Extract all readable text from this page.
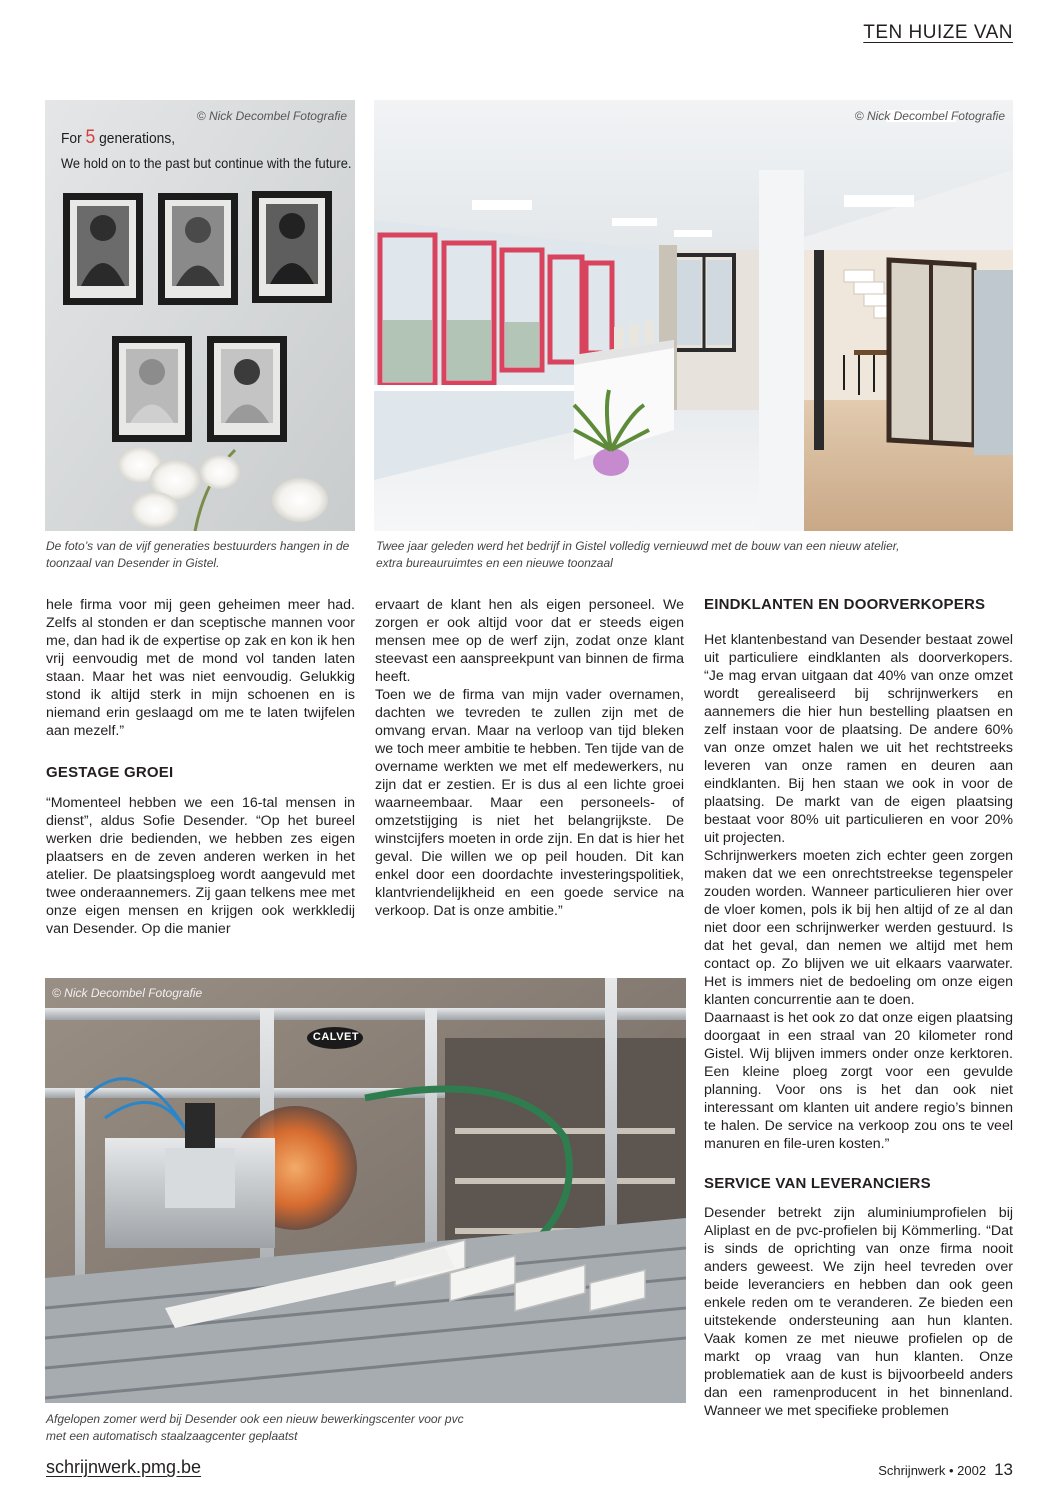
TEN HUIZE VAN
© Nick Decombel Fotografie
For 5 generations,
We hold on to the past but continue with the future.
De foto’s van de vijf generaties bestuurders hangen in de toonzaal van Desender in Gistel.
© Nick Decombel Fotografie
Twee jaar geleden werd het bedrijf in Gistel volledig vernieuwd met de bouw van een nieuw atelier,
extra bureauruimtes en een nieuwe toonzaal

hele firma voor mij geen geheimen meer had. Zelfs al stonden er dan sceptische mannen voor me, dan had ik de expertise op zak en kon ik hen vrij eenvoudig met de mond vol tanden laten staan. Maar het was niet eenvoudig. Gelukkig stond ik altijd sterk in mijn schoenen en is niemand erin geslaagd om me te laten twijfelen aan mezelf.”

GESTAGE GROEI

“Momenteel hebben we een 16-tal mensen in dienst”, aldus Sofie Desender. “Op het bureel werken drie bedienden, we hebben zes eigen plaatsers en de zeven anderen werken in het atelier. De plaatsingsploeg wordt aangevuld met twee onderaannemers. Zij gaan telkens mee met onze eigen mensen en krijgen ook werkkledij van Desender. Op die manier

ervaart de klant hen als eigen personeel. We zorgen er ook altijd voor dat er steeds eigen mensen mee op de werf zijn, zodat onze klant steevast een aanspreekpunt van binnen de firma heeft.

Toen we de firma van mijn vader overnamen, dachten we tevreden te zullen zijn met de omvang ervan. Maar na verloop van tijd bleken we toch meer ambitie te hebben. Ten tijde van de overname werkten we met elf medewerkers, nu zijn dat er zestien. Er is dus al een lichte groei waarneembaar. Maar een personeels- of omzetstijging is niet het belangrijkste. De winstcijfers moeten in orde zijn. En dat is hier het geval. Die willen we op peil houden. Dit kan enkel door een doordachte investeringspolitiek, klantvriendelijkheid en een goede service na verkoop. Dat is onze ambitie.”

EINDKLANTEN EN DOORVERKOPERS

Het klantenbestand van Desender bestaat zowel uit particuliere eindklanten als doorverkopers. “Je mag ervan uitgaan dat 40% van onze omzet wordt gerealiseerd bij schrijnwerkers en aannemers die hier hun bestelling plaatsen en zelf instaan voor de plaatsing. De andere 60% van onze omzet halen we uit het rechtstreeks leveren van onze ramen en deuren aan eindklanten. Bij hen staan we ook in voor de plaatsing. De markt van de eigen plaatsing bestaat voor 80% uit particulieren en voor 20% uit projecten.

Schrijnwerkers moeten zich echter geen zorgen maken dat we een onrechtstreekse tegenspeler zouden worden. Wanneer particulieren hier over de vloer komen, pols ik bij hen altijd of ze al dan niet door een schrijnwerker werden gestuurd. Is dat het geval, dan nemen we altijd met hem contact op. Zo blijven we uit elkaars vaarwater. Het is immers niet de bedoeling om onze eigen klanten concurrentie aan te doen.

Daarnaast is het ook zo dat onze eigen plaatsing doorgaat in een straal van 20 kilometer rond Gistel. Wij blijven immers onder onze kerktoren. Een kleine ploeg zorgt voor een gevulde planning. Voor ons is het dan ook niet interessant om klanten uit andere regio’s binnen te halen. De service na verkoop zou ons te veel manuren en file-uren kosten.”

SERVICE VAN LEVERANCIERS

Desender betrekt zijn aluminiumprofielen bij Aliplast en de pvc-profielen bij Kömmerling. “Dat is sinds de oprichting van onze firma nooit anders geweest. We zijn heel tevreden over beide leveranciers en hebben dan ook geen enkele reden om te veranderen. Ze bieden een uitstekende ondersteuning aan hun klanten. Vaak komen ze met nieuwe profielen op de markt op vraag van hun klanten. Onze problematiek aan de kust is bijvoorbeeld anders dan een ramenproducent in het binnenland. Wanneer we met specifieke problemen

CALVET
© Nick Decombel Fotografie
Afgelopen zomer werd bij Desender ook een nieuw bewerkingscenter voor pvc
met een automatisch staalzaagcenter geplaatst
schrijnwerk.pmg.be	Schrijnwerk • 2002 13
